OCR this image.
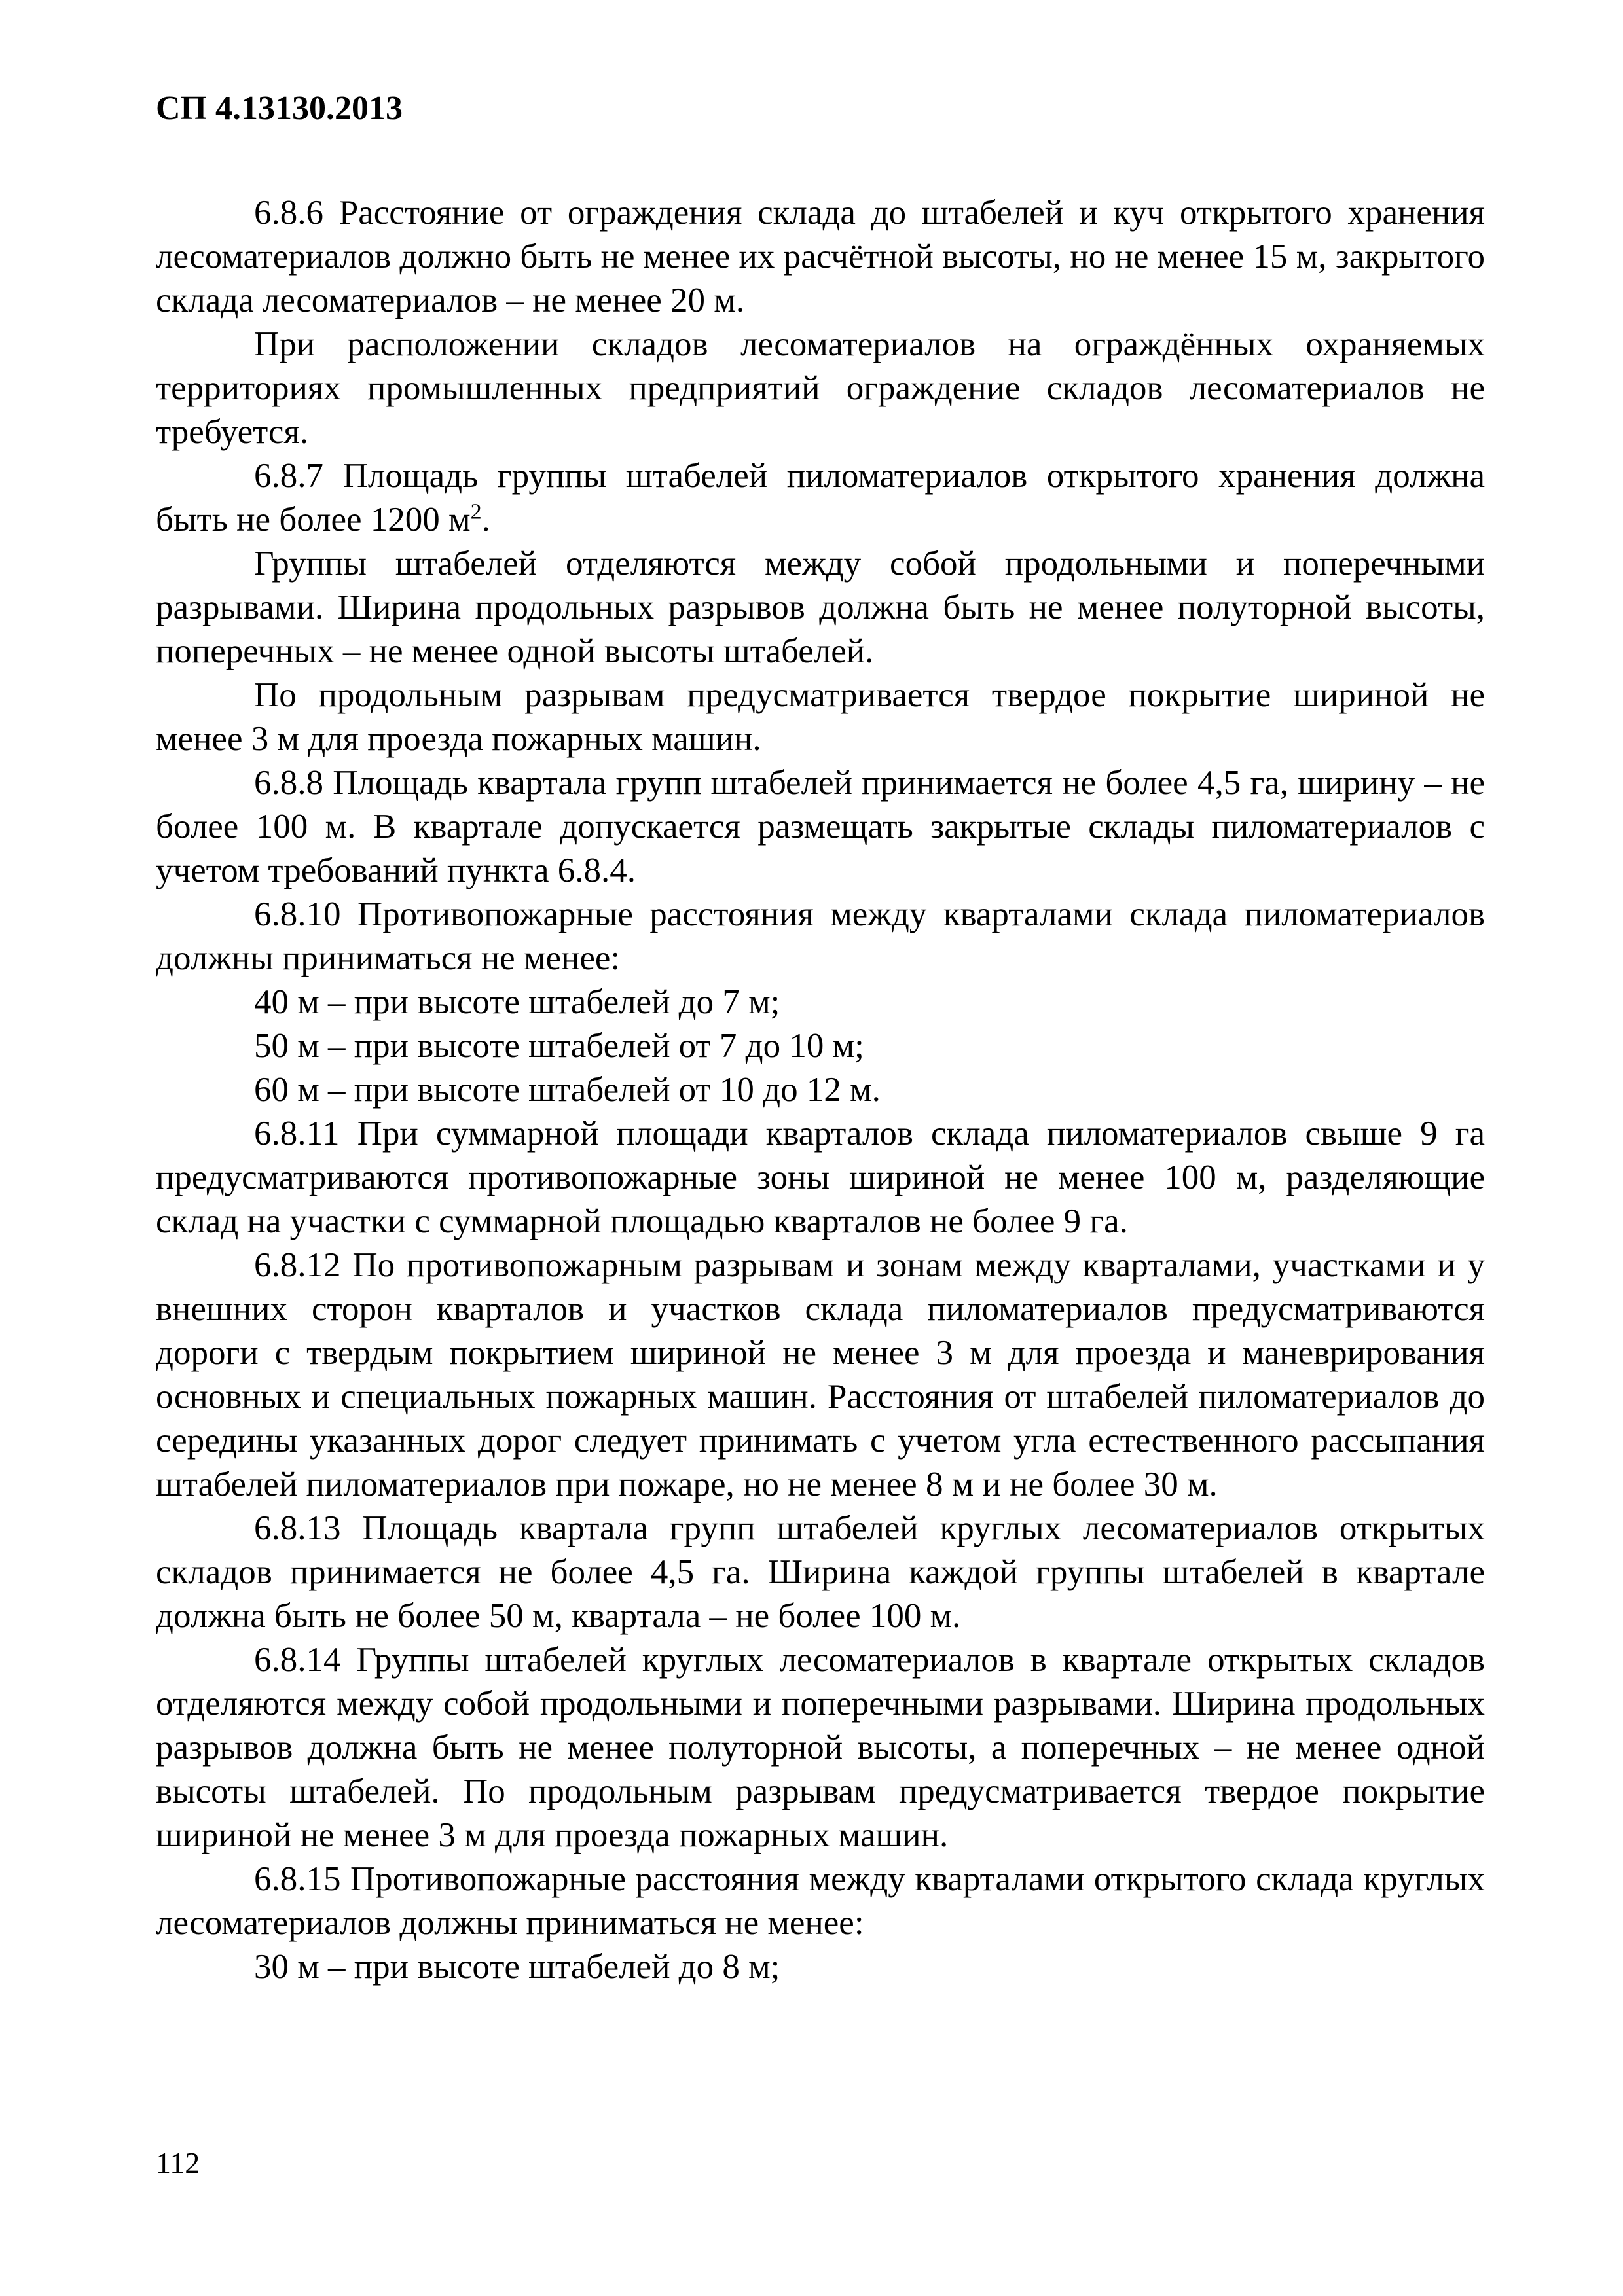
СП 4.13130.2013

6.8.6 Расстояние от ограждения склада до штабелей и куч открытого хранения лесоматериалов должно быть не менее их расчётной высоты, но не менее 15 м, закрытого склада лесоматериалов – не менее 20 м.

При расположении складов лесоматериалов на ограждённых охраняемых территориях промышленных предприятий ограждение складов лесоматериалов не требуется.

6.8.7 Площадь группы штабелей пиломатериалов открытого хранения должна быть не более 1200 $м^2$.

Группы штабелей отделяются между собой продольными и поперечными разрывами. Ширина продольных разрывов должна быть не менее полуторной высоты, поперечных – не менее одной высоты штабелей.

По продольным разрывам предусматривается твердое покрытие шириной не менее 3 м для проезда пожарных машин.

6.8.8 Площадь квартала групп штабелей принимается не более 4,5 га, ширину – не более 100 м. В квартале допускается размещать закрытые склады пиломатериалов с учетом требований пункта 6.8.4.

6.8.10 Противопожарные расстояния между кварталами склада пиломатериалов должны приниматься не менее:

40 м – при высоте штабелей до 7 м;

50 м – при высоте штабелей от 7 до 10 м;

60 м – при высоте штабелей от 10 до 12 м.

6.8.11 При суммарной площади кварталов склада пиломатериалов свыше 9 га предусматриваются противопожарные зоны шириной не менее 100 м, разделяющие склад на участки с суммарной площадью кварталов не более 9 га.

6.8.12 По противопожарным разрывам и зонам между кварталами, участками и у внешних сторон кварталов и участков склада пиломатериалов предусматриваются дороги с твердым покрытием шириной не менее 3 м для проезда и маневрирования основных и специальных пожарных машин. Расстояния от штабелей пиломатериалов до середины указанных дорог следует принимать с учетом угла естественного рассыпания штабелей пиломатериалов при пожаре, но не менее 8 м и не более 30 м.

6.8.13 Площадь квартала групп штабелей круглых лесоматериалов открытых складов принимается не более 4,5 га. Ширина каждой группы штабелей в квартале должна быть не более 50 м, квартала – не более 100 м.

6.8.14 Группы штабелей круглых лесоматериалов в квартале открытых складов отделяются между собой продольными и поперечными разрывами. Ширина продольных разрывов должна быть не менее полуторной высоты, а поперечных – не менее одной высоты штабелей. По продольным разрывам предусматривается твердое покрытие шириной не менее 3 м для проезда пожарных машин.

6.8.15 Противопожарные расстояния между кварталами открытого склада круглых лесоматериалов должны приниматься не менее:

30 м – при высоте штабелей до 8 м;

112
